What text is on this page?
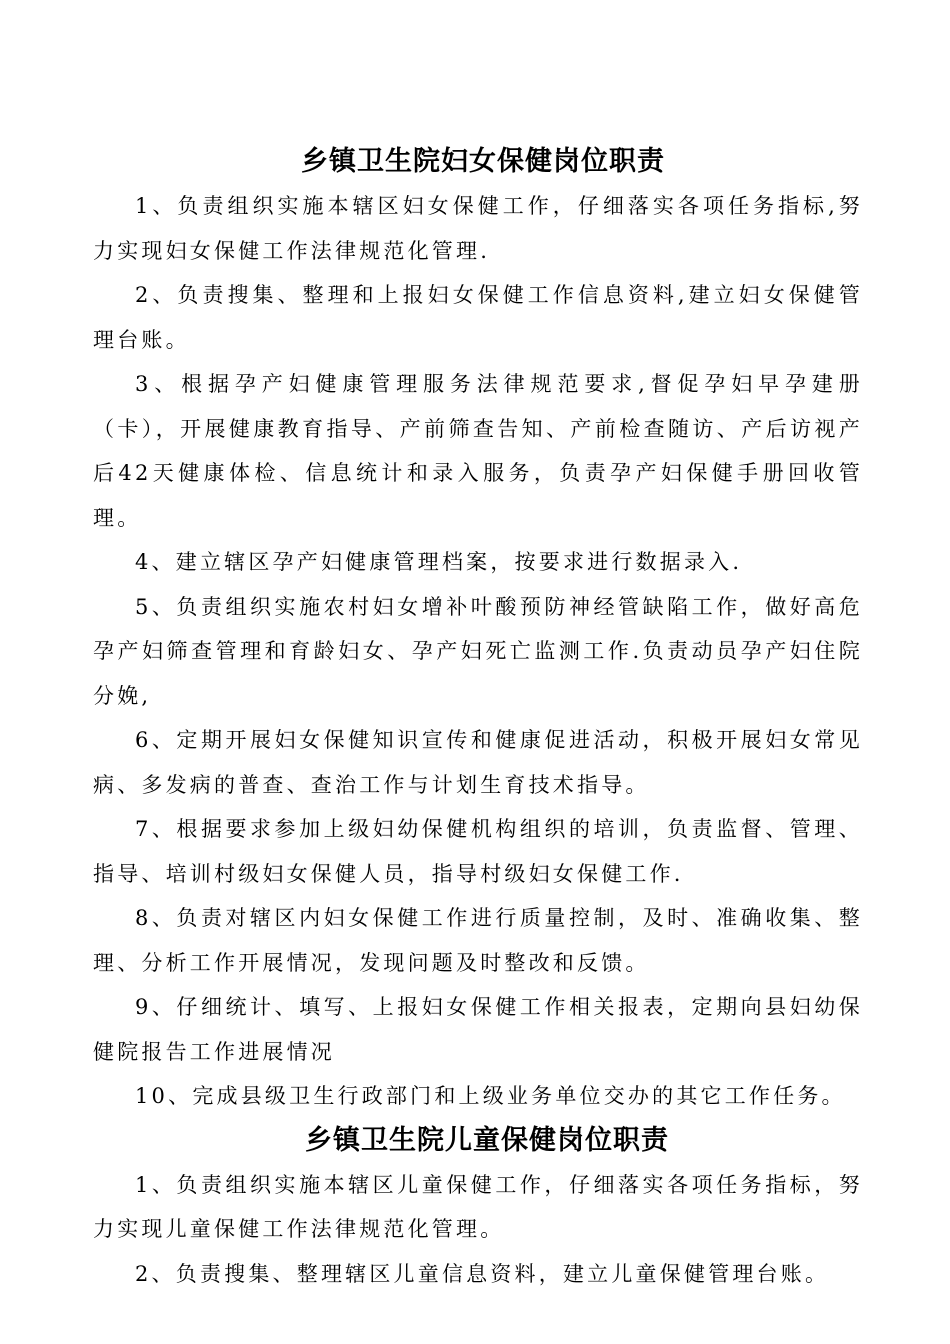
乡镇卫生院妇女保健岗位职责

1、负责组织实施本辖区妇女保健工作，仔细落实各项任务指标,努力实现妇女保健工作法律规范化管理.

2、负责搜集、整理和上报妇女保健工作信息资料,建立妇女保健管理台账。

3、根据孕产妇健康管理服务法律规范要求,督促孕妇早孕建册（卡），开展健康教育指导、产前筛查告知、产前检查随访、产后访视产后42天健康体检、信息统计和录入服务，负责孕产妇保健手册回收管理。

4、建立辖区孕产妇健康管理档案，按要求进行数据录入.

5、负责组织实施农村妇女增补叶酸预防神经管缺陷工作，做好高危孕产妇筛查管理和育龄妇女、孕产妇死亡监测工作.负责动员孕产妇住院分娩,

6、定期开展妇女保健知识宣传和健康促进活动，积极开展妇女常见病、多发病的普查、查治工作与计划生育技术指导。

7、根据要求参加上级妇幼保健机构组织的培训，负责监督、管理、指导、培训村级妇女保健人员，指导村级妇女保健工作.

8、负责对辖区内妇女保健工作进行质量控制，及时、准确收集、整理、分析工作开展情况，发现问题及时整改和反馈。

9、仔细统计、填写、上报妇女保健工作相关报表，定期向县妇幼保健院报告工作进展情况

10、完成县级卫生行政部门和上级业务单位交办的其它工作任务。

乡镇卫生院儿童保健岗位职责

1、负责组织实施本辖区儿童保健工作，仔细落实各项任务指标，努力实现儿童保健工作法律规范化管理。

2、负责搜集、整理辖区儿童信息资料，建立儿童保健管理台账。
